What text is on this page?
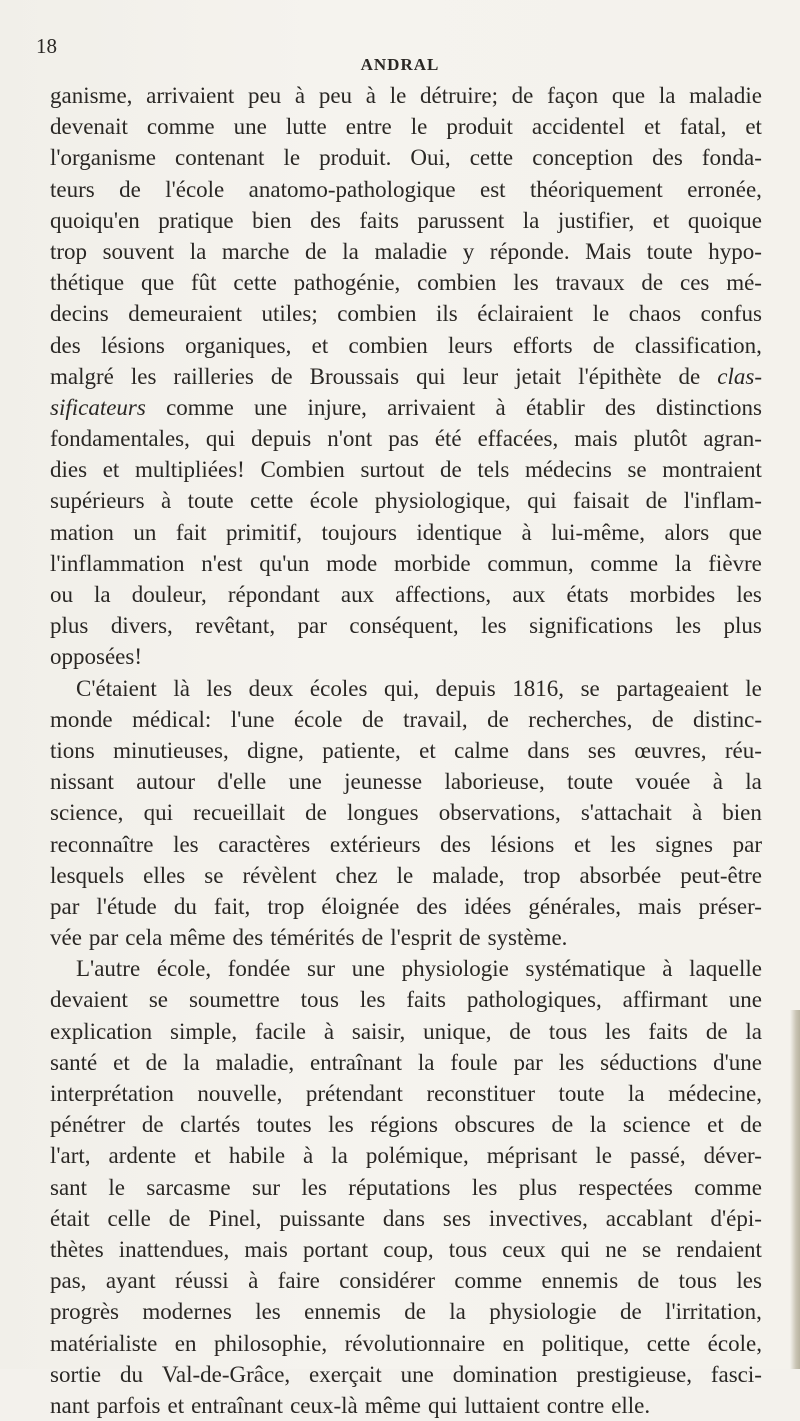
18
ANDRAL
ganisme, arrivaient peu à peu à le détruire; de façon que la maladie
devenait comme une lutte entre le produit accidentel et fatal, et
l'organisme contenant le produit. Oui, cette conception des fonda-
teurs de l'école anatomo-pathologique est théoriquement erronée,
quoiqu'en pratique bien des faits parussent la justifier, et quoique
trop souvent la marche de la maladie y réponde. Mais toute hypo-
thétique que fût cette pathogénie, combien les travaux de ces mé-
decins demeuraient utiles; combien ils éclairaient le chaos confus
des lésions organiques, et combien leurs efforts de classification,
malgré les railleries de Broussais qui leur jetait l'épithète de clas-
sificateurs comme une injure, arrivaient à établir des distinctions
fondamentales, qui depuis n'ont pas été effacées, mais plutôt agran-
dies et multipliées! Combien surtout de tels médecins se montraient
supérieurs à toute cette école physiologique, qui faisait de l'inflam-
mation un fait primitif, toujours identique à lui-même, alors que
l'inflammation n'est qu'un mode morbide commun, comme la fièvre
ou la douleur, répondant aux affections, aux états morbides les
plus divers, revêtant, par conséquent, les significations les plus
opposées!
C'étaient là les deux écoles qui, depuis 1816, se partageaient le
monde médical: l'une école de travail, de recherches, de distinc-
tions minutieuses, digne, patiente, et calme dans ses œuvres, réu-
nissant autour d'elle une jeunesse laborieuse, toute vouée à la
science, qui recueillait de longues observations, s'attachait à bien
reconnaître les caractères extérieurs des lésions et les signes par
lesquels elles se révèlent chez le malade, trop absorbée peut-être
par l'étude du fait, trop éloignée des idées générales, mais préser-
vée par cela même des témérités de l'esprit de système.
L'autre école, fondée sur une physiologie systématique à laquelle
devaient se soumettre tous les faits pathologiques, affirmant une
explication simple, facile à saisir, unique, de tous les faits de la
santé et de la maladie, entraînant la foule par les séductions d'une
interprétation nouvelle, prétendant reconstituer toute la médecine,
pénétrer de clartés toutes les régions obscures de la science et de
l'art, ardente et habile à la polémique, méprisant le passé, déver-
sant le sarcasme sur les réputations les plus respectées comme
était celle de Pinel, puissante dans ses invectives, accablant d'épi-
thètes inattendues, mais portant coup, tous ceux qui ne se rendaient
pas, ayant réussi à faire considérer comme ennemis de tous les
progrès modernes les ennemis de la physiologie de l'irritation,
matérialiste en philosophie, révolutionnaire en politique, cette école,
sortie du Val-de-Grâce, exerçait une domination prestigieuse, fasci-
nant parfois et entraînant ceux-là même qui luttaient contre elle.
